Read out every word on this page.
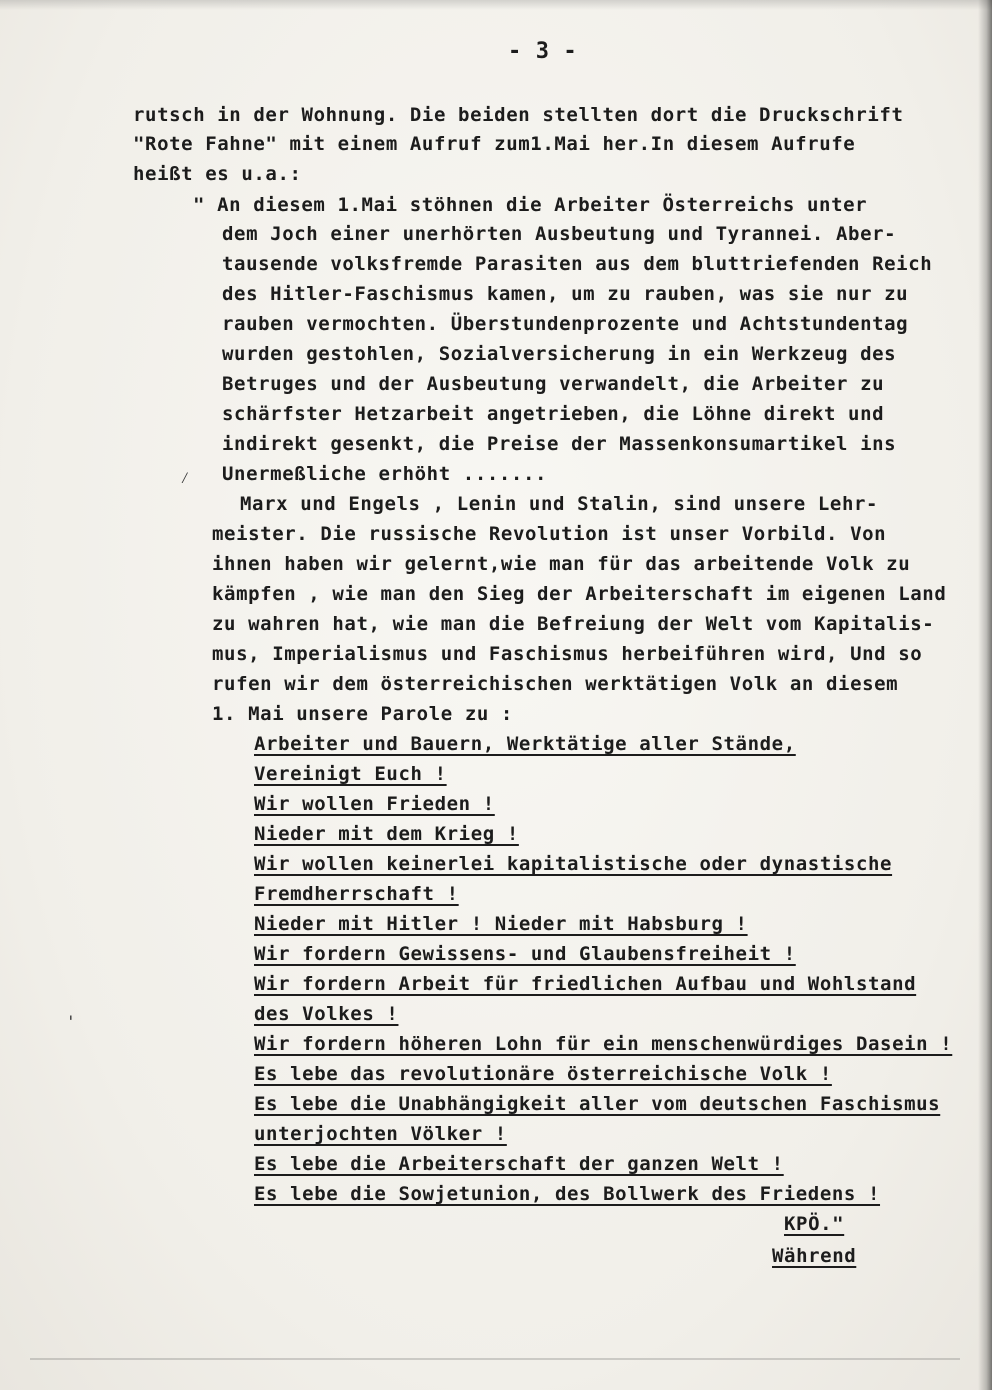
- 3 -
rutsch in der Wohnung. Die beiden stellten dort die Druckschrift
"Rote Fahne" mit einem Aufruf zum1.Mai her.In diesem Aufrufe
heißt es u.a.:
" An diesem 1.Mai stöhnen die Arbeiter Österreichs unter
dem Joch einer unerhörten Ausbeutung und Tyrannei. Aber-
tausende volksfremde Parasiten aus dem bluttriefenden Reich
des Hitler-Faschismus kamen, um zu rauben, was sie nur zu
rauben vermochten. Überstundenprozente und Achtstundentag
wurden gestohlen, Sozialversicherung in ein Werkzeug des
Betruges und der Ausbeutung verwandelt, die Arbeiter zu
schärfster Hetzarbeit angetrieben, die Löhne direkt und
indirekt gesenkt, die Preise der Massenkonsumartikel ins
Unermeßliche erhöht .......
⁄
Marx und Engels , Lenin und Stalin, sind unsere Lehr-
meister. Die russische Revolution ist unser Vorbild. Von
ihnen haben wir gelernt,wie man für das arbeitende Volk zu
kämpfen , wie man den Sieg der Arbeiterschaft im eigenen Land
zu wahren hat, wie man die Befreiung der Welt vom Kapitalis-
mus, Imperialismus und Faschismus herbeiführen wird, Und so
rufen wir dem österreichischen werktätigen Volk an diesem
1. Mai unsere Parole zu :
Arbeiter und Bauern, Werktätige aller Stände,
Vereinigt Euch !
Wir wollen Frieden !
Nieder mit dem Krieg !
Wir wollen keinerlei kapitalistische oder dynastische
Fremdherrschaft !
Nieder mit Hitler ! Nieder mit Habsburg !
Wir fordern Gewissens- und Glaubensfreiheit !
Wir fordern Arbeit für friedlichen Aufbau und Wohlstand
des Volkes !
Wir fordern höheren Lohn für ein menschenwürdiges Dasein !
Es lebe das revolutionäre österreichische Volk !
Es lebe die Unabhängigkeit aller vom deutschen Faschismus
unterjochten Völker !
Es lebe die Arbeiterschaft der ganzen Welt !
Es lebe die Sowjetunion, des Bollwerk des Friedens !
'
KPÖ."
Während
